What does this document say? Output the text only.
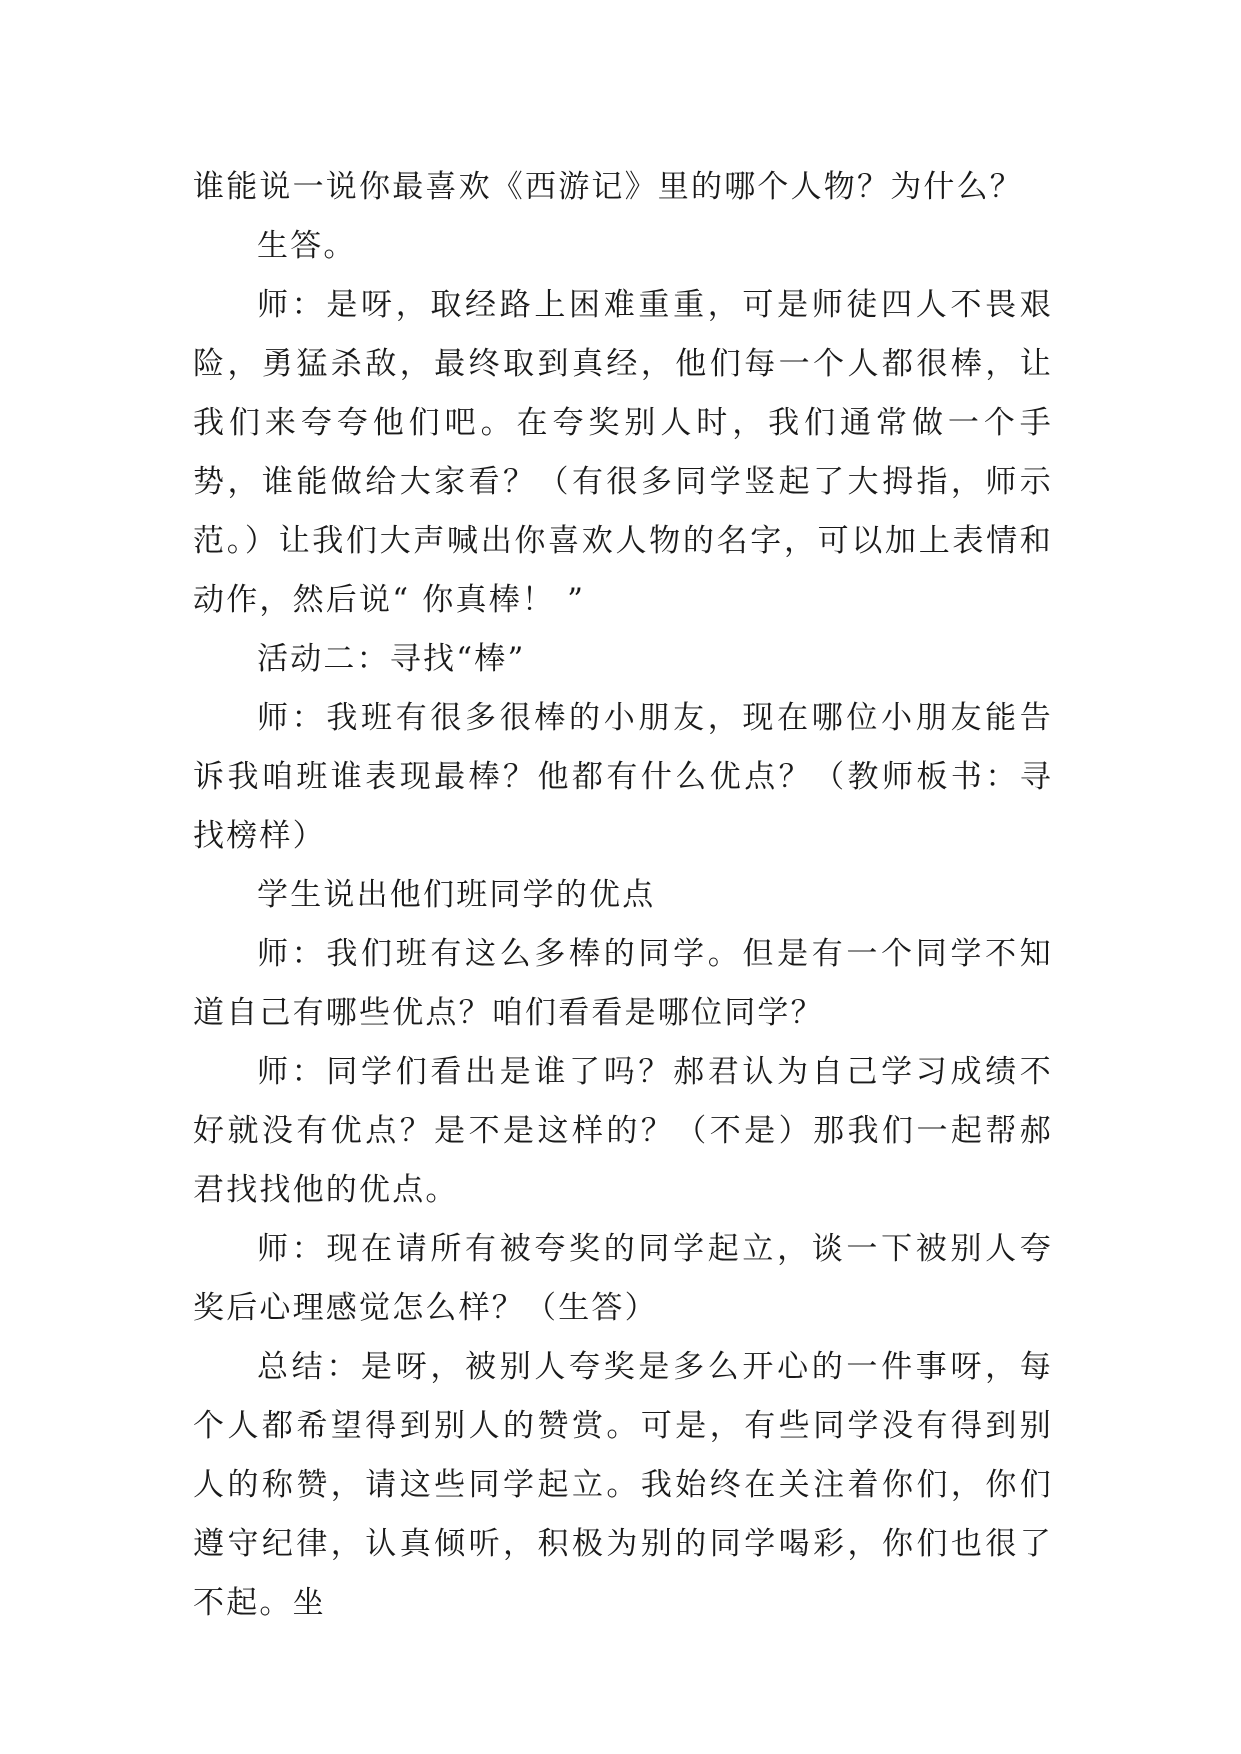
谁能说一说你最喜欢《西游记》里的哪个人物？为什么？

生答。

师：是呀，取经路上困难重重，可是师徒四人不畏艰险，勇猛杀敌，最终取到真经，他们每一个人都很棒，让我们来夸夸他们吧。在夸奖别人时，我们通常做一个手势，谁能做给大家看？（有很多同学竖起了大拇指，师示范。）让我们大声喊出你喜欢人物的名字，可以加上表情和动作，然后说“ 你真棒！ ”

活动二：寻找“棒”

师：我班有很多很棒的小朋友，现在哪位小朋友能告诉我咱班谁表现最棒？他都有什么优点？（教师板书：寻找榜样）

学生说出他们班同学的优点

师：我们班有这么多棒的同学。但是有一个同学不知道自己有哪些优点？咱们看看是哪位同学？

师：同学们看出是谁了吗？郝君认为自己学习成绩不好就没有优点？是不是这样的？（不是）那我们一起帮郝君找找他的优点。

师：现在请所有被夸奖的同学起立，谈一下被别人夸奖后心理感觉怎么样？（生答）

总结：是呀，被别人夸奖是多么开心的一件事呀，每个人都希望得到别人的赞赏。可是，有些同学没有得到别人的称赞，请这些同学起立。我始终在关注着你们，你们遵守纪律，认真倾听，积极为别的同学喝彩，你们也很了不起。坐
